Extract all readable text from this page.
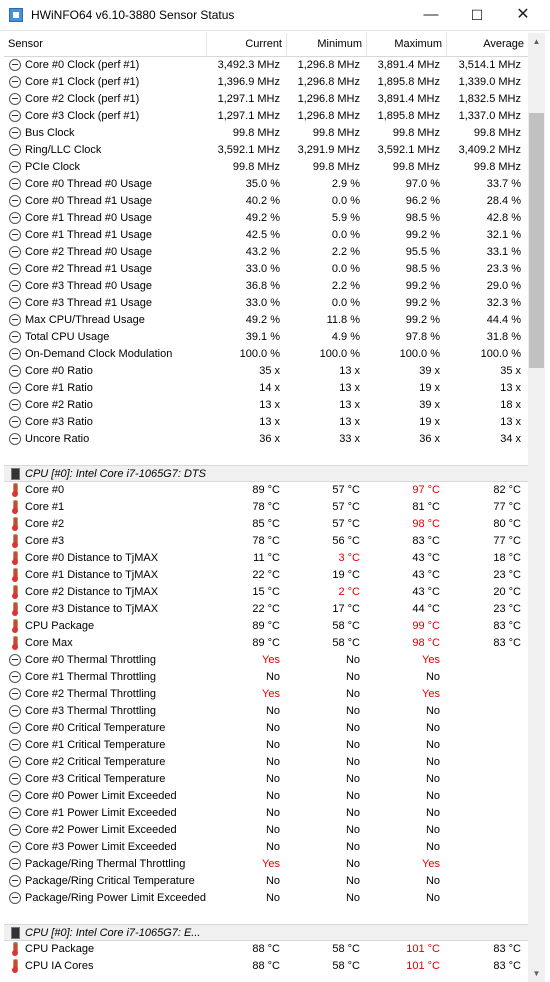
HWiNFO64 v6.10-3880 Sensor Status	—	☐	✕
Sensor	Current	Minimum	Maximum	Average
Core #0 Clock (perf #1)	3,492.3 MHz	1,296.8 MHz	3,891.4 MHz	3,514.1 MHz
Core #1 Clock (perf #1)	1,396.9 MHz	1,296.8 MHz	1,895.8 MHz	1,339.0 MHz
Core #2 Clock (perf #1)	1,297.1 MHz	1,296.8 MHz	3,891.4 MHz	1,832.5 MHz
Core #3 Clock (perf #1)	1,297.1 MHz	1,296.8 MHz	1,895.8 MHz	1,337.0 MHz
Bus Clock	99.8 MHz	99.8 MHz	99.8 MHz	99.8 MHz
Ring/LLC Clock	3,592.1 MHz	3,291.9 MHz	3,592.1 MHz	3,409.2 MHz
PCIe Clock	99.8 MHz	99.8 MHz	99.8 MHz	99.8 MHz
Core #0 Thread #0 Usage	35.0 %	2.9 %	97.0 %	33.7 %
Core #0 Thread #1 Usage	40.2 %	0.0 %	96.2 %	28.4 %
Core #1 Thread #0 Usage	49.2 %	5.9 %	98.5 %	42.8 %
Core #1 Thread #1 Usage	42.5 %	0.0 %	99.2 %	32.1 %
Core #2 Thread #0 Usage	43.2 %	2.2 %	95.5 %	33.1 %
Core #2 Thread #1 Usage	33.0 %	0.0 %	98.5 %	23.3 %
Core #3 Thread #0 Usage	36.8 %	2.2 %	99.2 %	29.0 %
Core #3 Thread #1 Usage	33.0 %	0.0 %	99.2 %	32.3 %
Max CPU/Thread Usage	49.2 %	11.8 %	99.2 %	44.4 %
Total CPU Usage	39.1 %	4.9 %	97.8 %	31.8 %
On-Demand Clock Modulation	100.0 %	100.0 %	100.0 %	100.0 %
Core #0 Ratio	35 x	13 x	39 x	35 x
Core #1 Ratio	14 x	13 x	19 x	13 x
Core #2 Ratio	13 x	13 x	39 x	18 x
Core #3 Ratio	13 x	13 x	19 x	13 x
Uncore Ratio	36 x	33 x	36 x	34 x
CPU [#0]: Intel Core i7-1065G7: DTS
Core #0	89 °C	57 °C	97 °C	82 °C
Core #1	78 °C	57 °C	81 °C	77 °C
Core #2	85 °C	57 °C	98 °C	80 °C
Core #3	78 °C	56 °C	83 °C	77 °C
Core #0 Distance to TjMAX	11 °C	3 °C	43 °C	18 °C
Core #1 Distance to TjMAX	22 °C	19 °C	43 °C	23 °C
Core #2 Distance to TjMAX	15 °C	2 °C	43 °C	20 °C
Core #3 Distance to TjMAX	22 °C	17 °C	44 °C	23 °C
CPU Package	89 °C	58 °C	99 °C	83 °C
Core Max	89 °C	58 °C	98 °C	83 °C
Core #0 Thermal Throttling	Yes	No	Yes
Core #1 Thermal Throttling	No	No	No
Core #2 Thermal Throttling	Yes	No	Yes
Core #3 Thermal Throttling	No	No	No
Core #0 Critical Temperature	No	No	No
Core #1 Critical Temperature	No	No	No
Core #2 Critical Temperature	No	No	No
Core #3 Critical Temperature	No	No	No
Core #0 Power Limit Exceeded	No	No	No
Core #1 Power Limit Exceeded	No	No	No
Core #2 Power Limit Exceeded	No	No	No
Core #3 Power Limit Exceeded	No	No	No
Package/Ring Thermal Throttling	Yes	No	Yes
Package/Ring Critical Temperature	No	No	No
Package/Ring Power Limit Exceeded	No	No	No
CPU [#0]: Intel Core i7-1065G7: E...
CPU Package	88 °C	58 °C	101 °C	83 °C
CPU IA Cores	88 °C	58 °C	101 °C	83 °C
▲
▼
